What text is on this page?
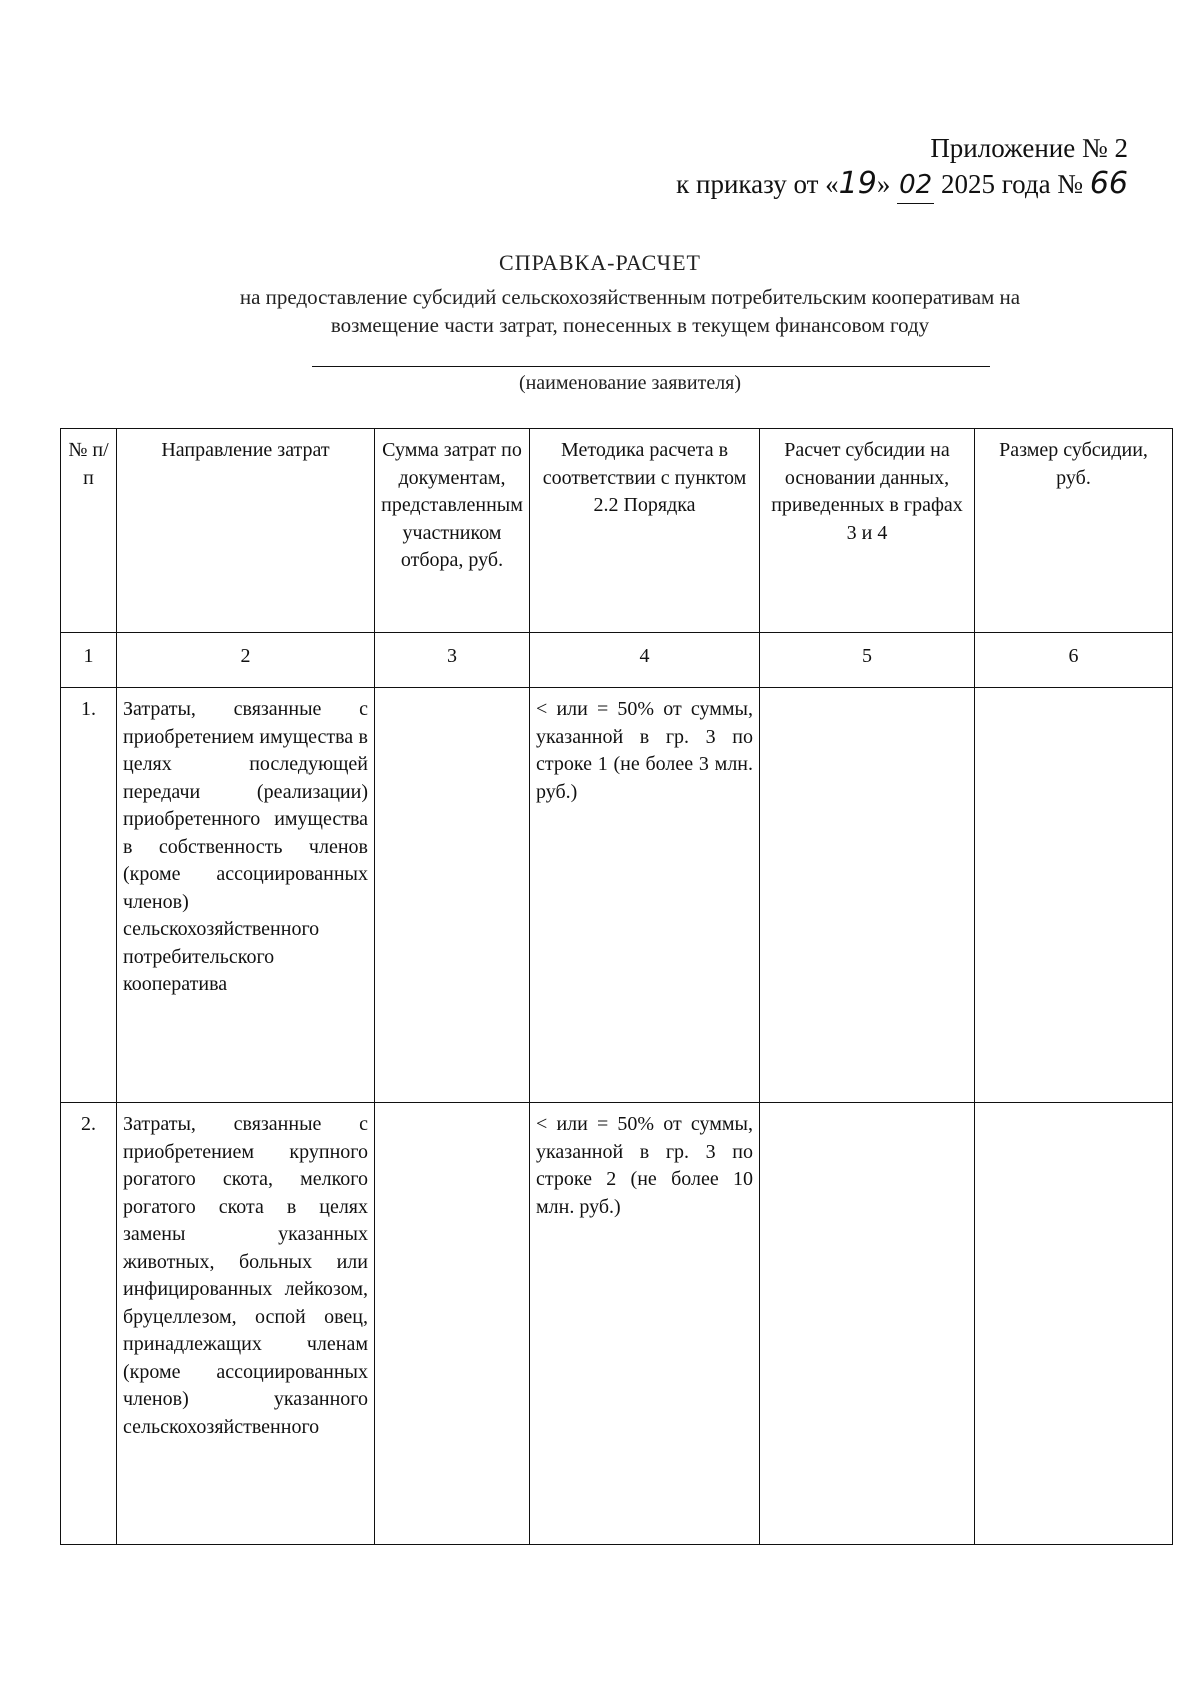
Приложение № 2
к приказу от «19» 02 2025 года № 66
СПРАВКА-РАСЧЕТ
на предоставление субсидий сельскохозяйственным потребительским кооперативам на
возмещение части затрат, понесенных в текущем финансовом году
(наименование заявителя)
№ п/п	Направление затрат	Сумма затрат по документам, представленным участником отбора, руб.	Методика расчета в соответствии с пунктом 2.2 Порядка	Расчет субсидии на основании данных, приведенных в графах 3 и 4	Размер субсидии, руб.
1	2	3	4	5	6
1.	Затраты, связанные с приобретением имущества в целях последующей передачи (реализации) приобретенного имущества в собственность членов (кроме ассоциированных членов) сельскохозяйственного потребительского кооператива		< или = 50% от суммы, указанной в гр. 3 по строке 1 (не более 3 млн. руб.)		
2.	Затраты, связанные с приобретением крупного рогатого скота, мелкого рогатого скота в целях замены указанных животных, больных или инфицированных лейкозом, бруцеллезом, оспой овец, принадлежащих членам (кроме ассоциированных членов) указанного сельскохозяйственного		< или = 50% от суммы, указанной в гр. 3 по строке 2 (не более 10 млн. руб.)		
